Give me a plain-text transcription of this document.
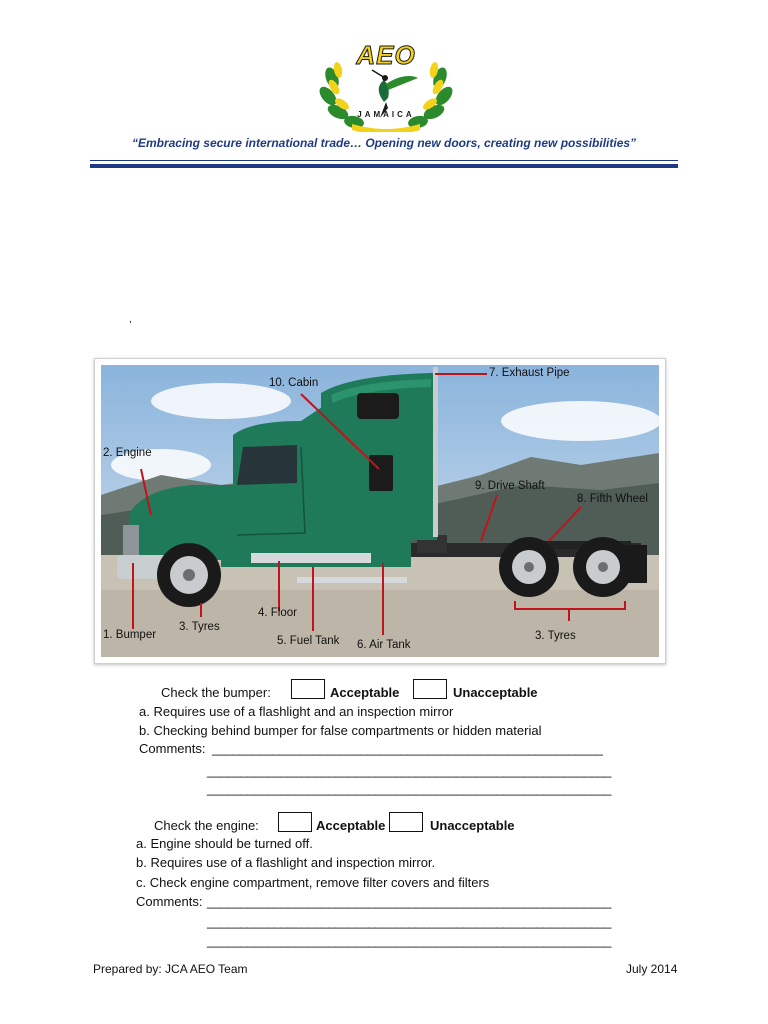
AEO
JAMAICA
“Embracing secure international trade… Opening new doors, creating new possibilities”
,
7. Exhaust Pipe
10. Cabin
2. Engine
9. Drive Shaft
8. Fifth Wheel
4. Floor
1. Bumper
3. Tyres
5. Fuel Tank 6. Air Tank
3. Tyres
Check the bumper:	Acceptable	Unacceptable
a. Requires use of a flashlight and an inspection mirror
b. Checking behind bumper for false compartments or hidden material
Comments: __________________________________________________________
____________________________________________________________
____________________________________________________________
Check the engine:	Acceptable	Unacceptable
a. Engine should be turned off.
b. Requires use of a flashlight and inspection mirror.
c. Check engine compartment, remove filter covers and filters
Comments: ____________________________________________________________
____________________________________________________________
____________________________________________________________
Prepared by: JCA AEO Team	July 2014
